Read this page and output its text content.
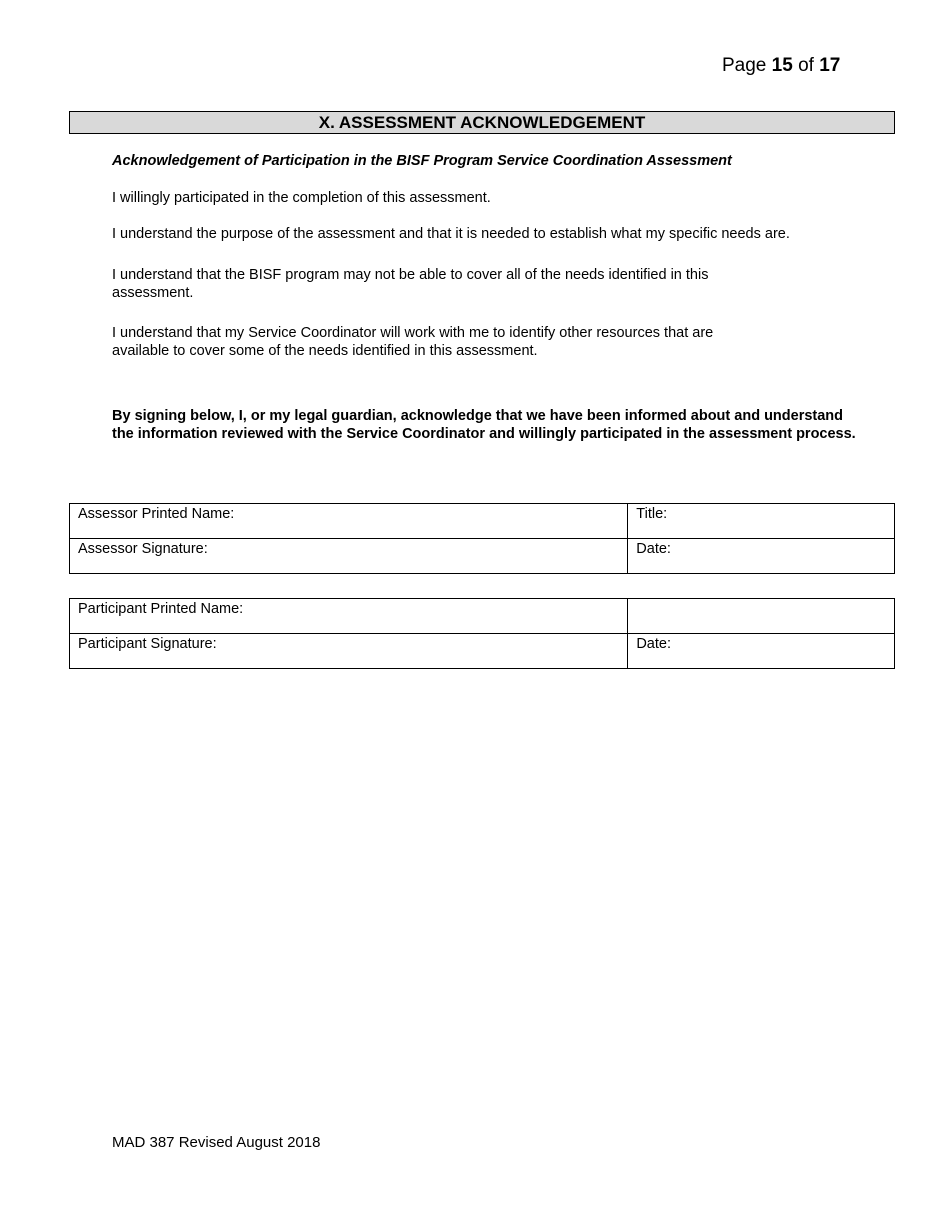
Page 15 of 17
X. ASSESSMENT ACKNOWLEDGEMENT
Acknowledgement of Participation in the BISF Program Service Coordination Assessment
I willingly participated in the completion of this assessment.
I understand the purpose of the assessment and that it is needed to establish what my specific needs are.
I understand that the BISF program may not be able to cover all of the needs identified in this assessment.
I understand that my Service Coordinator will work with me to identify other resources that are available to cover some of the needs identified in this assessment.
By signing below, I, or my legal guardian, acknowledge that we have been informed about and understand the information reviewed with the Service Coordinator and willingly participated in the assessment process.
Assessor Printed Name:	Title:
Assessor Signature:	Date:
Participant Printed Name:	
Participant Signature:	Date:
MAD 387 Revised August 2018
